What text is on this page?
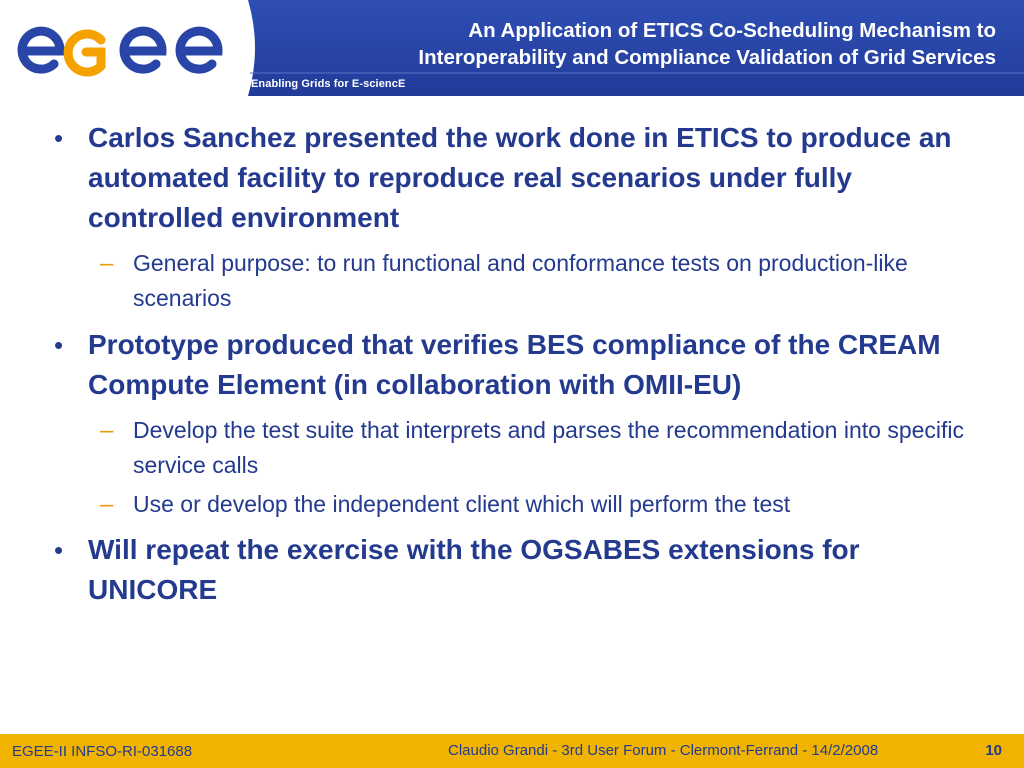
An Application of ETICS Co-Scheduling Mechanism to
Interoperability and Compliance Validation of Grid Services
Enabling Grids for E-sciencE
• Carlos Sanchez presented the work done in ETICS to produce an automated facility to reproduce real scenarios under fully controlled environment
– General purpose: to run functional and conformance tests on production-like scenarios
• Prototype produced that verifies BES compliance of the CREAM Compute Element (in collaboration with OMII-EU)
– Develop the test suite that interprets and parses the recommendation into specific service calls
– Use or develop the independent client which will perform the test
• Will repeat the exercise with the OGSABES extensions for UNICORE
EGEE-II INFSO-RI-031688	Claudio Grandi - 3rd User Forum - Clermont-Ferrand - 14/2/2008	10
